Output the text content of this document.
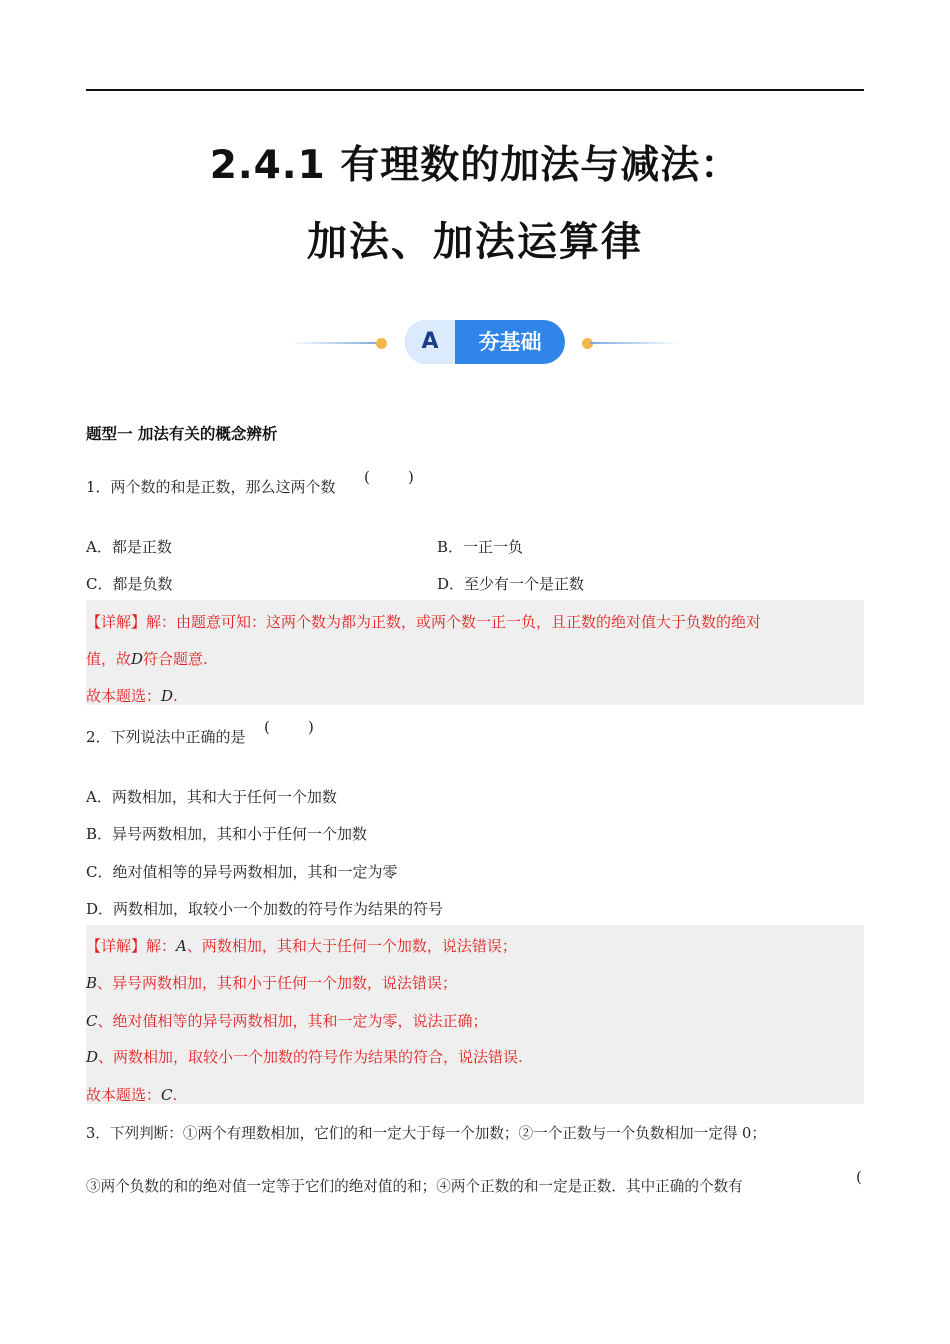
2.4.1 有理数的加法与减法：
加法、加法运算律
A	夯基础
题型一 加法有关的概念辨析
1．两个数的和是正数，那么这两个数
(	)
A．都是正数	B．一正一负
C．都是负数	D．至少有一个是正数
【详解】解：由题意可知：这两个数为都为正数，或两个数一正一负，且正数的绝对值大于负数的绝对
值，故D符合题意.
故本题选：D.
2．下列说法中正确的是
(	)
A．两数相加，其和大于任何一个加数
B．异号两数相加，其和小于任何一个加数
C．绝对值相等的异号两数相加，其和一定为零
D．两数相加，取较小一个加数的符号作为结果的符号
【详解】解：A、两数相加，其和大于任何一个加数，说法错误；
B、异号两数相加，其和小于任何一个加数，说法错误；
C、绝对值相等的异号两数相加，其和一定为零，说法正确；
D、两数相加，取较小一个加数的符号作为结果的符合，说法错误.
故本题选：C.
3．下列判断：①两个有理数相加，它们的和一定大于每一个加数；②一个正数与一个负数相加一定得 0；
③两个负数的和的绝对值一定等于它们的绝对值的和；④两个正数的和一定是正数．其中正确的个数有
(
